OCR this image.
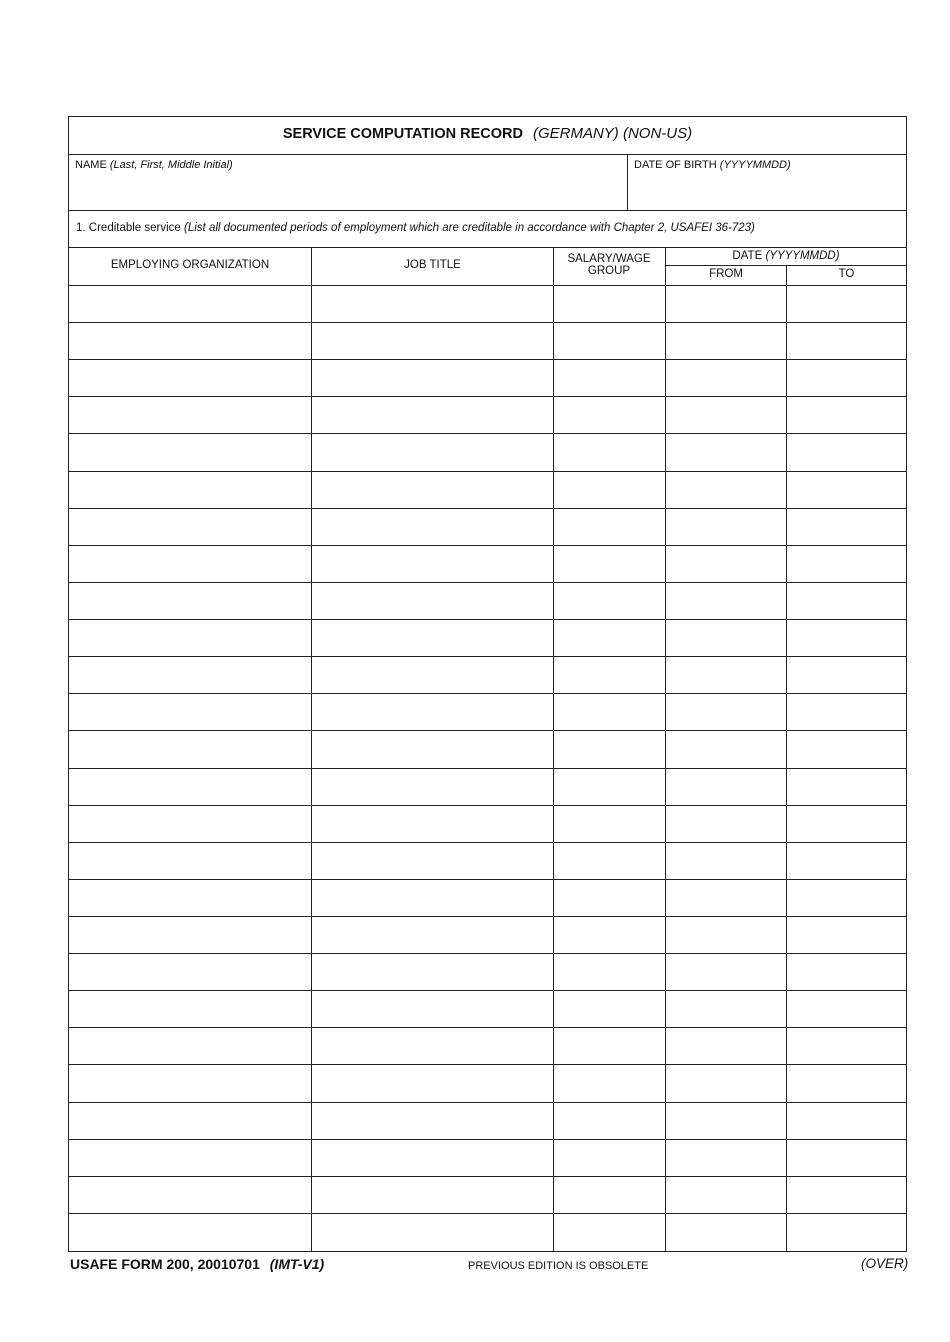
SERVICE COMPUTATION RECORD (GERMANY) (NON-US)
NAME (Last, First, Middle Initial)	DATE OF BIRTH (YYYYMMDD)
1. Creditable service (List all documented periods of employment which are creditable in accordance with Chapter 2, USAFEI 36-723)
EMPLOYING ORGANIZATION	JOB TITLE	SALARY/WAGE
GROUP
DATE (YYYYMMDD)
FROM	TO
USAFE FORM 200, 20010701 (IMT-V1)	PREVIOUS EDITION IS OBSOLETE	(OVER)
